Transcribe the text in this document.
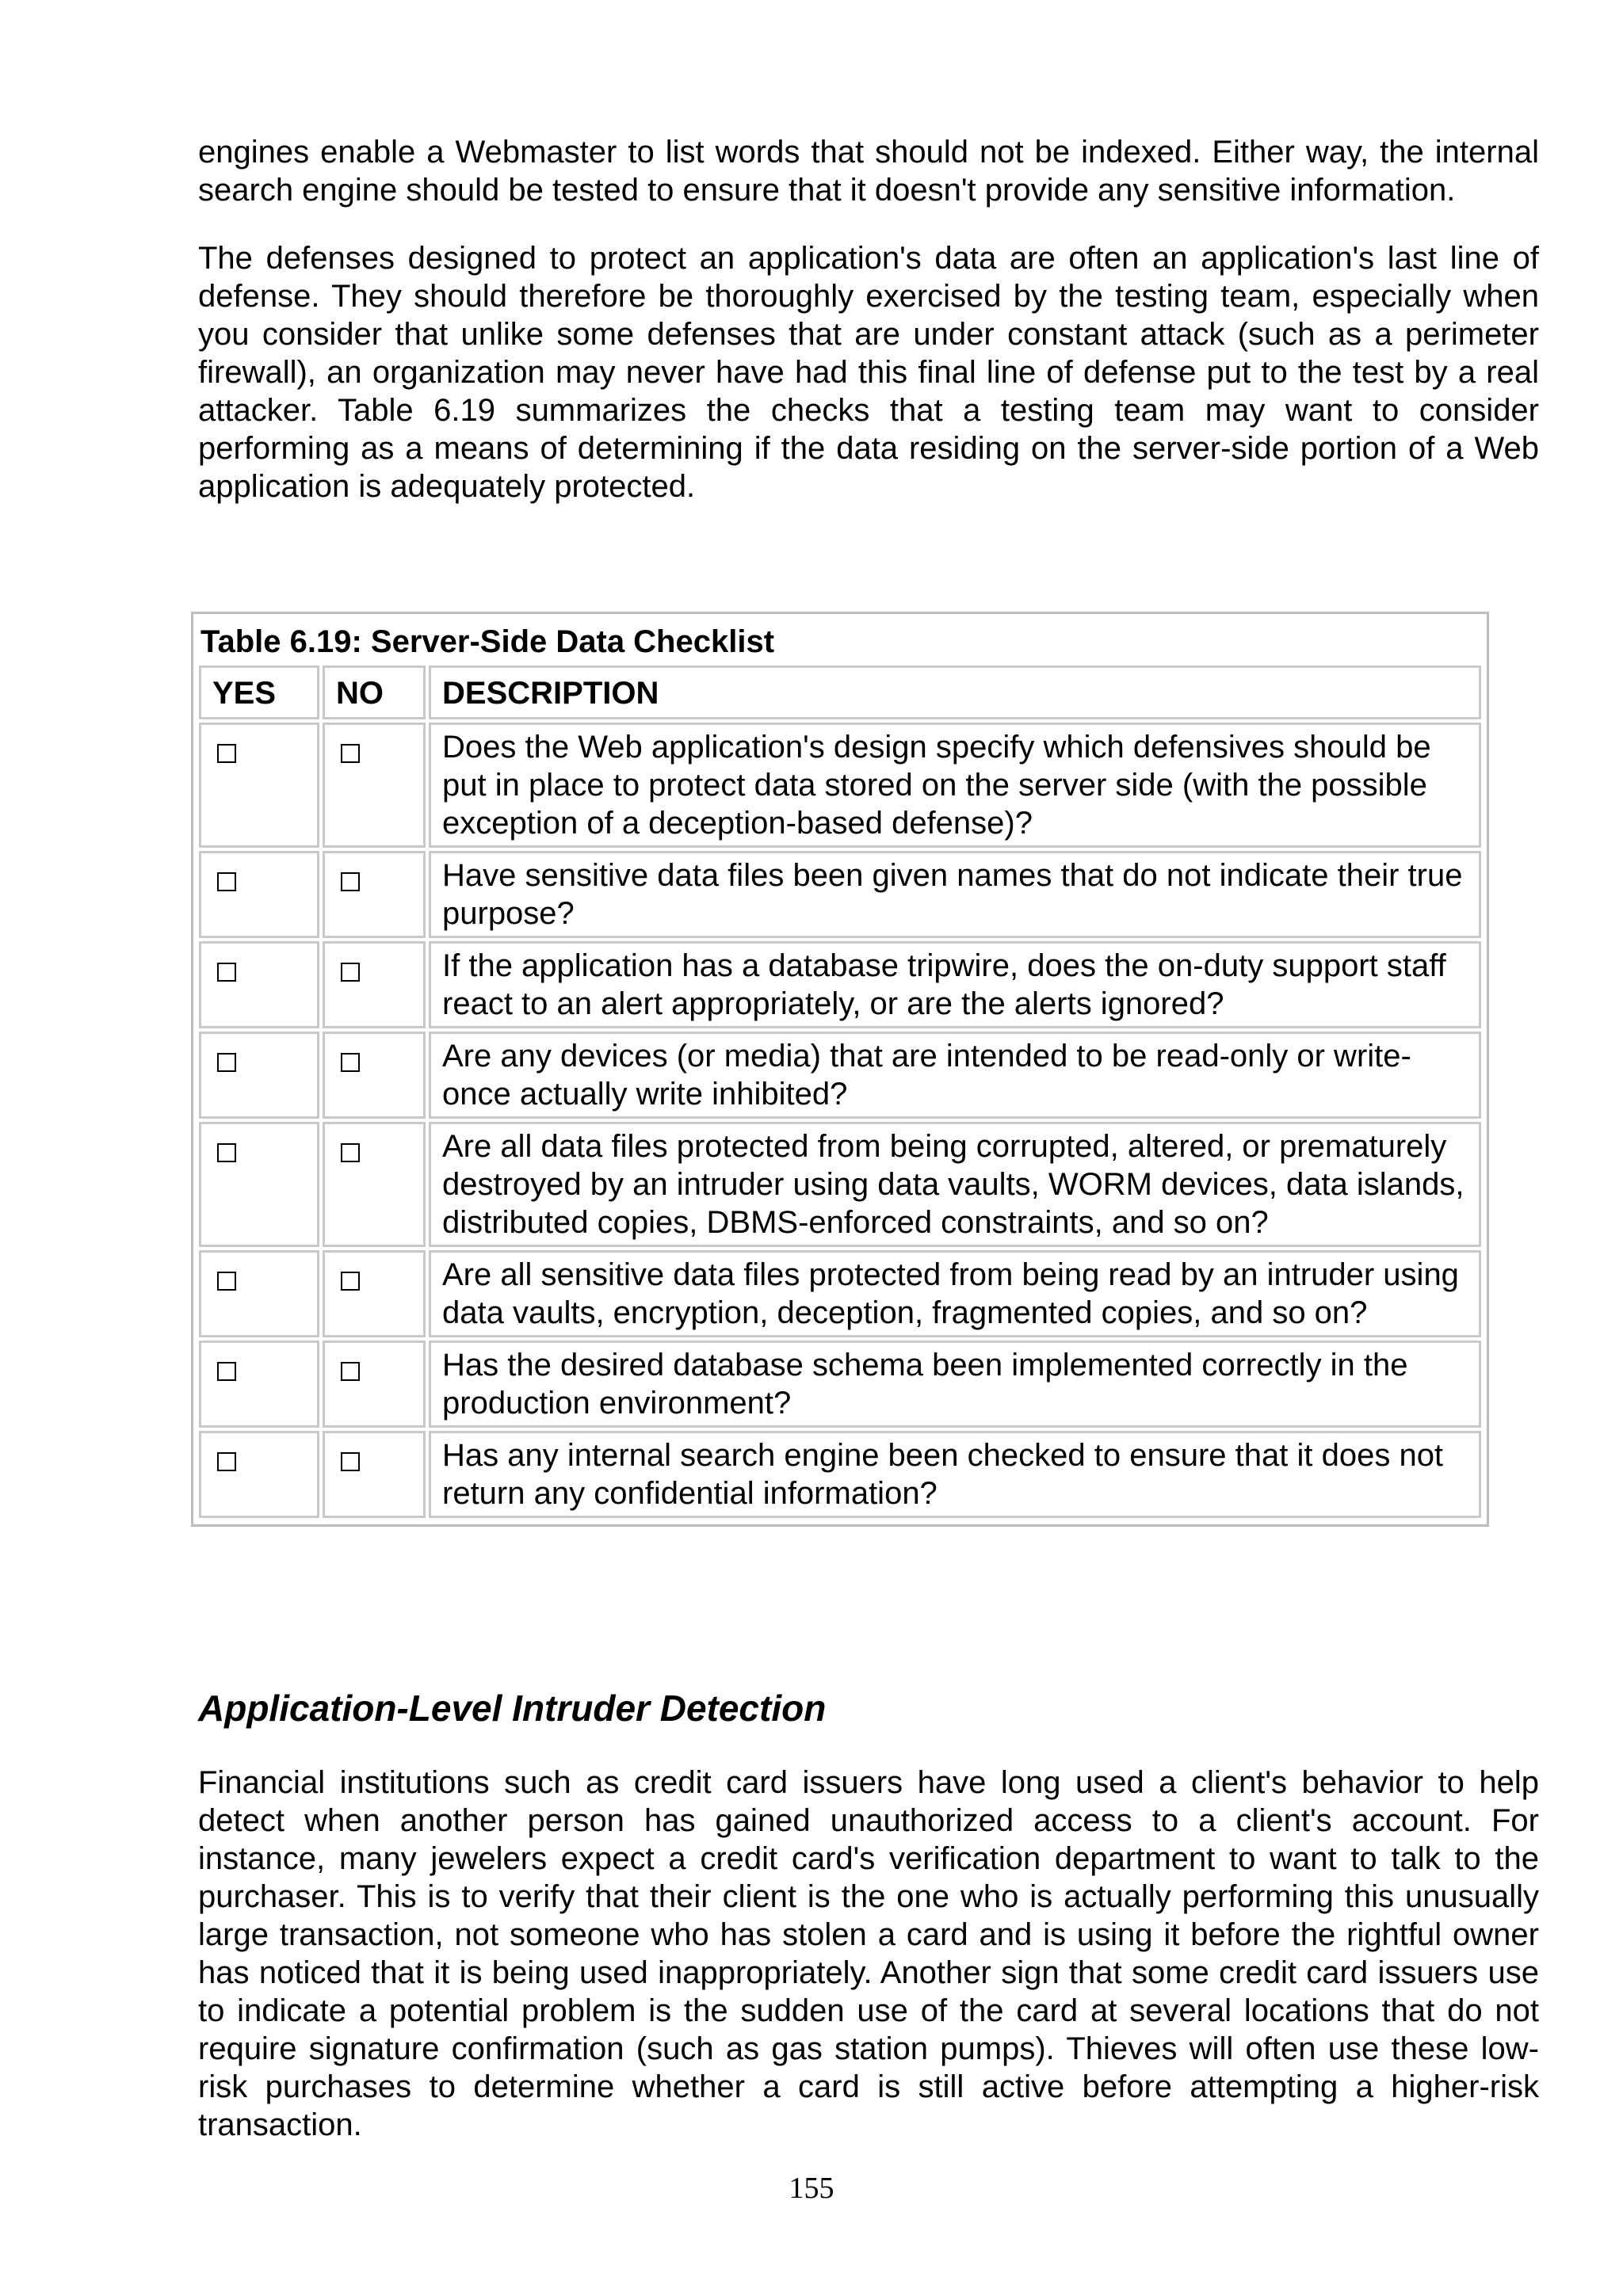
engines enable a Webmaster to list words that should not be indexed. Either way, the internal search engine should be tested to ensure that it doesn't provide any sensitive information.

The defenses designed to protect an application's data are often an application's last line of defense. They should therefore be thoroughly exercised by the testing team, especially when you consider that unlike some defenses that are under constant attack (such as a perimeter firewall), an organization may never have had this final line of defense put to the test by a real attacker. Table 6.19 summarizes the checks that a testing team may want to consider performing as a means of determining if the data residing on the server-side portion of a Web application is adequately protected.

Table 6.19: Server-Side Data Checklist
YES	NO	DESCRIPTION
		Does the Web application's design specify which defensives should be put in place to protect data stored on the server side (with the possible exception of a deception-based defense)?
		Have sensitive data files been given names that do not indicate their true purpose?
		If the application has a database tripwire, does the on-duty support staff react to an alert appropriately, or are the alerts ignored?
		Are any devices (or media) that are intended to be read-only or write-once actually write inhibited?
		Are all data files protected from being corrupted, altered, or prematurely destroyed by an intruder using data vaults, WORM devices, data islands, distributed copies, DBMS-enforced constraints, and so on?
		Are all sensitive data files protected from being read by an intruder using data vaults, encryption, deception, fragmented copies, and so on?
		Has the desired database schema been implemented correctly in the production environment?
		Has any internal search engine been checked to ensure that it does not return any confidential information?
Application-Level Intruder Detection

Financial institutions such as credit card issuers have long used a client's behavior to help detect when another person has gained unauthorized access to a client's account. For instance, many jewelers expect a credit card's verification department to want to talk to the purchaser. This is to verify that their client is the one who is actually performing this unusually large transaction, not someone who has stolen a card and is using it before the rightful owner has noticed that it is being used inappropriately. Another sign that some credit card issuers use to indicate a potential problem is the sudden use of the card at several locations that do not require signature confirmation (such as gas station pumps). Thieves will often use these low-risk purchases to determine whether a card is still active before attempting a higher-risk transaction.

155
